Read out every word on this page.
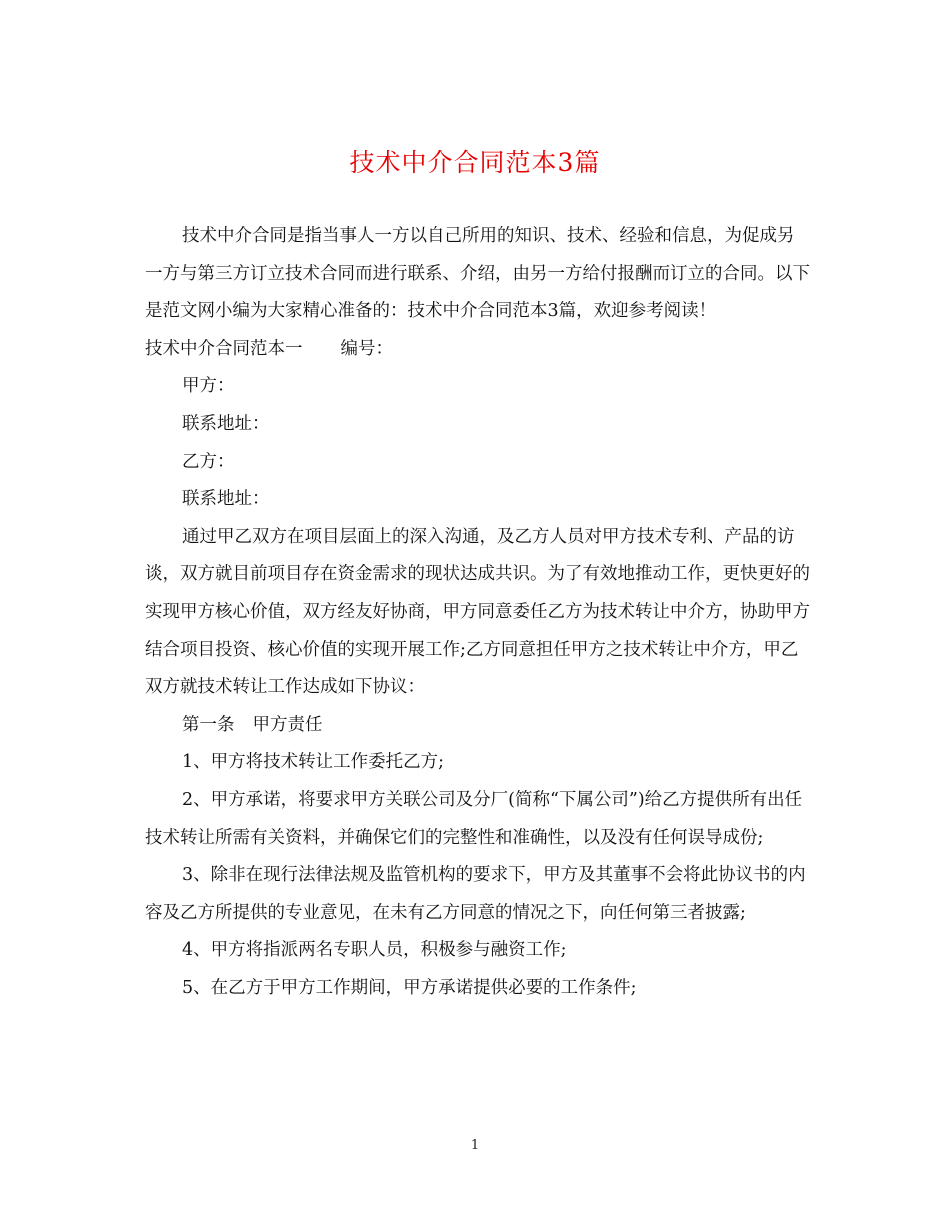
技术中介合同范本3篇

技术中介合同是指当事人一方以自己所用的知识、技术、经验和信息，为促成另一方与第三方订立技术合同而进行联系、介绍，由另一方给付报酬而订立的合同。以下是范文网小编为大家精心准备的：技术中介合同范本3篇，欢迎参考阅读！

技术中介合同范本一 编号：

甲方：

联系地址：

乙方：

联系地址：

通过甲乙双方在项目层面上的深入沟通，及乙方人员对甲方技术专利、产品的访谈，双方就目前项目存在资金需求的现状达成共识。为了有效地推动工作，更快更好的实现甲方核心价值，双方经友好协商，甲方同意委任乙方为技术转让中介方，协助甲方结合项目投资、核心价值的实现开展工作;乙方同意担任甲方之技术转让中介方，甲乙双方就技术转让工作达成如下协议：

第一条 甲方责任

1、甲方将技术转让工作委托乙方;

2、甲方承诺，将要求甲方关联公司及分厂(简称“下属公司”)给乙方提供所有出任技术转让所需有关资料，并确保它们的完整性和准确性，以及没有任何误导成份;

3、除非在现行法律法规及监管机构的要求下，甲方及其董事不会将此协议书的内容及乙方所提供的专业意见，在未有乙方同意的情况之下，向任何第三者披露;

4、甲方将指派两名专职人员，积极参与融资工作;

5、在乙方于甲方工作期间，甲方承诺提供必要的工作条件;

1
